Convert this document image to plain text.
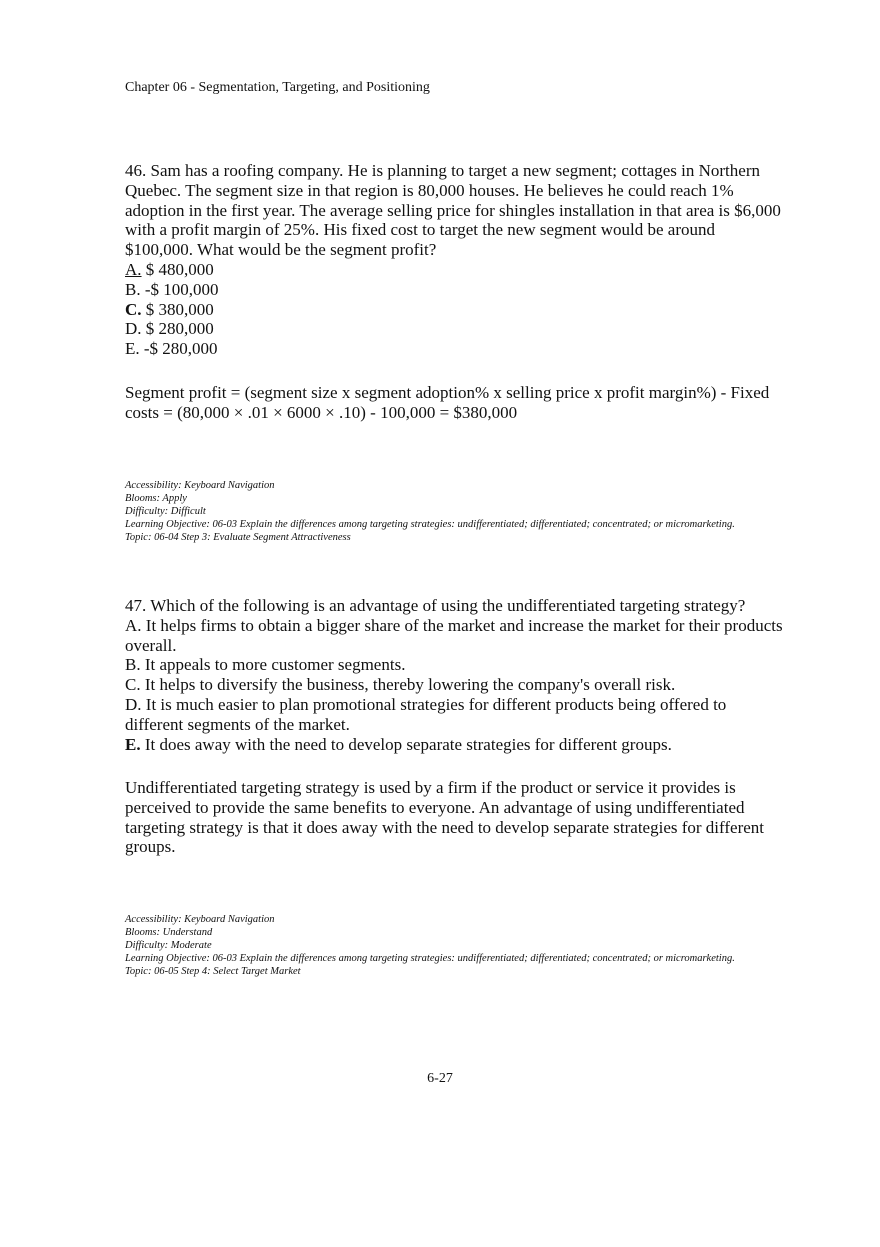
Chapter 06 - Segmentation, Targeting, and Positioning

46. Sam has a roofing company. He is planning to target a new segment; cottages in Northern Quebec. The segment size in that region is 80,000 houses. He believes he could reach 1% adoption in the first year. The average selling price for shingles installation in that area is $6,000 with a profit margin of 25%. His fixed cost to target the new segment would be around $100,000. What would be the segment profit?

A. $ 480,000

B. -$ 100,000

C. $ 380,000

D. $ 280,000

E. -$ 280,000

Segment profit = (segment size x segment adoption% x selling price x profit margin%) - Fixed costs = (80,000 × .01 × 6000 × .10) - 100,000 = $380,000

Accessibility: Keyboard Navigation
Blooms: Apply
Difficulty: Difficult
Learning Objective: 06-03 Explain the differences among targeting strategies: undifferentiated; differentiated; concentrated; or micromarketing.
Topic: 06-04 Step 3: Evaluate Segment Attractiveness

47. Which of the following is an advantage of using the undifferentiated targeting strategy?

A. It helps firms to obtain a bigger share of the market and increase the market for their products overall.

B. It appeals to more customer segments.

C. It helps to diversify the business, thereby lowering the company's overall risk.

D. It is much easier to plan promotional strategies for different products being offered to different segments of the market.

E. It does away with the need to develop separate strategies for different groups.

Undifferentiated targeting strategy is used by a firm if the product or service it provides is perceived to provide the same benefits to everyone. An advantage of using undifferentiated targeting strategy is that it does away with the need to develop separate strategies for different groups.

Accessibility: Keyboard Navigation
Blooms: Understand
Difficulty: Moderate
Learning Objective: 06-03 Explain the differences among targeting strategies: undifferentiated; differentiated; concentrated; or micromarketing.
Topic: 06-05 Step 4: Select Target Market
6-27
